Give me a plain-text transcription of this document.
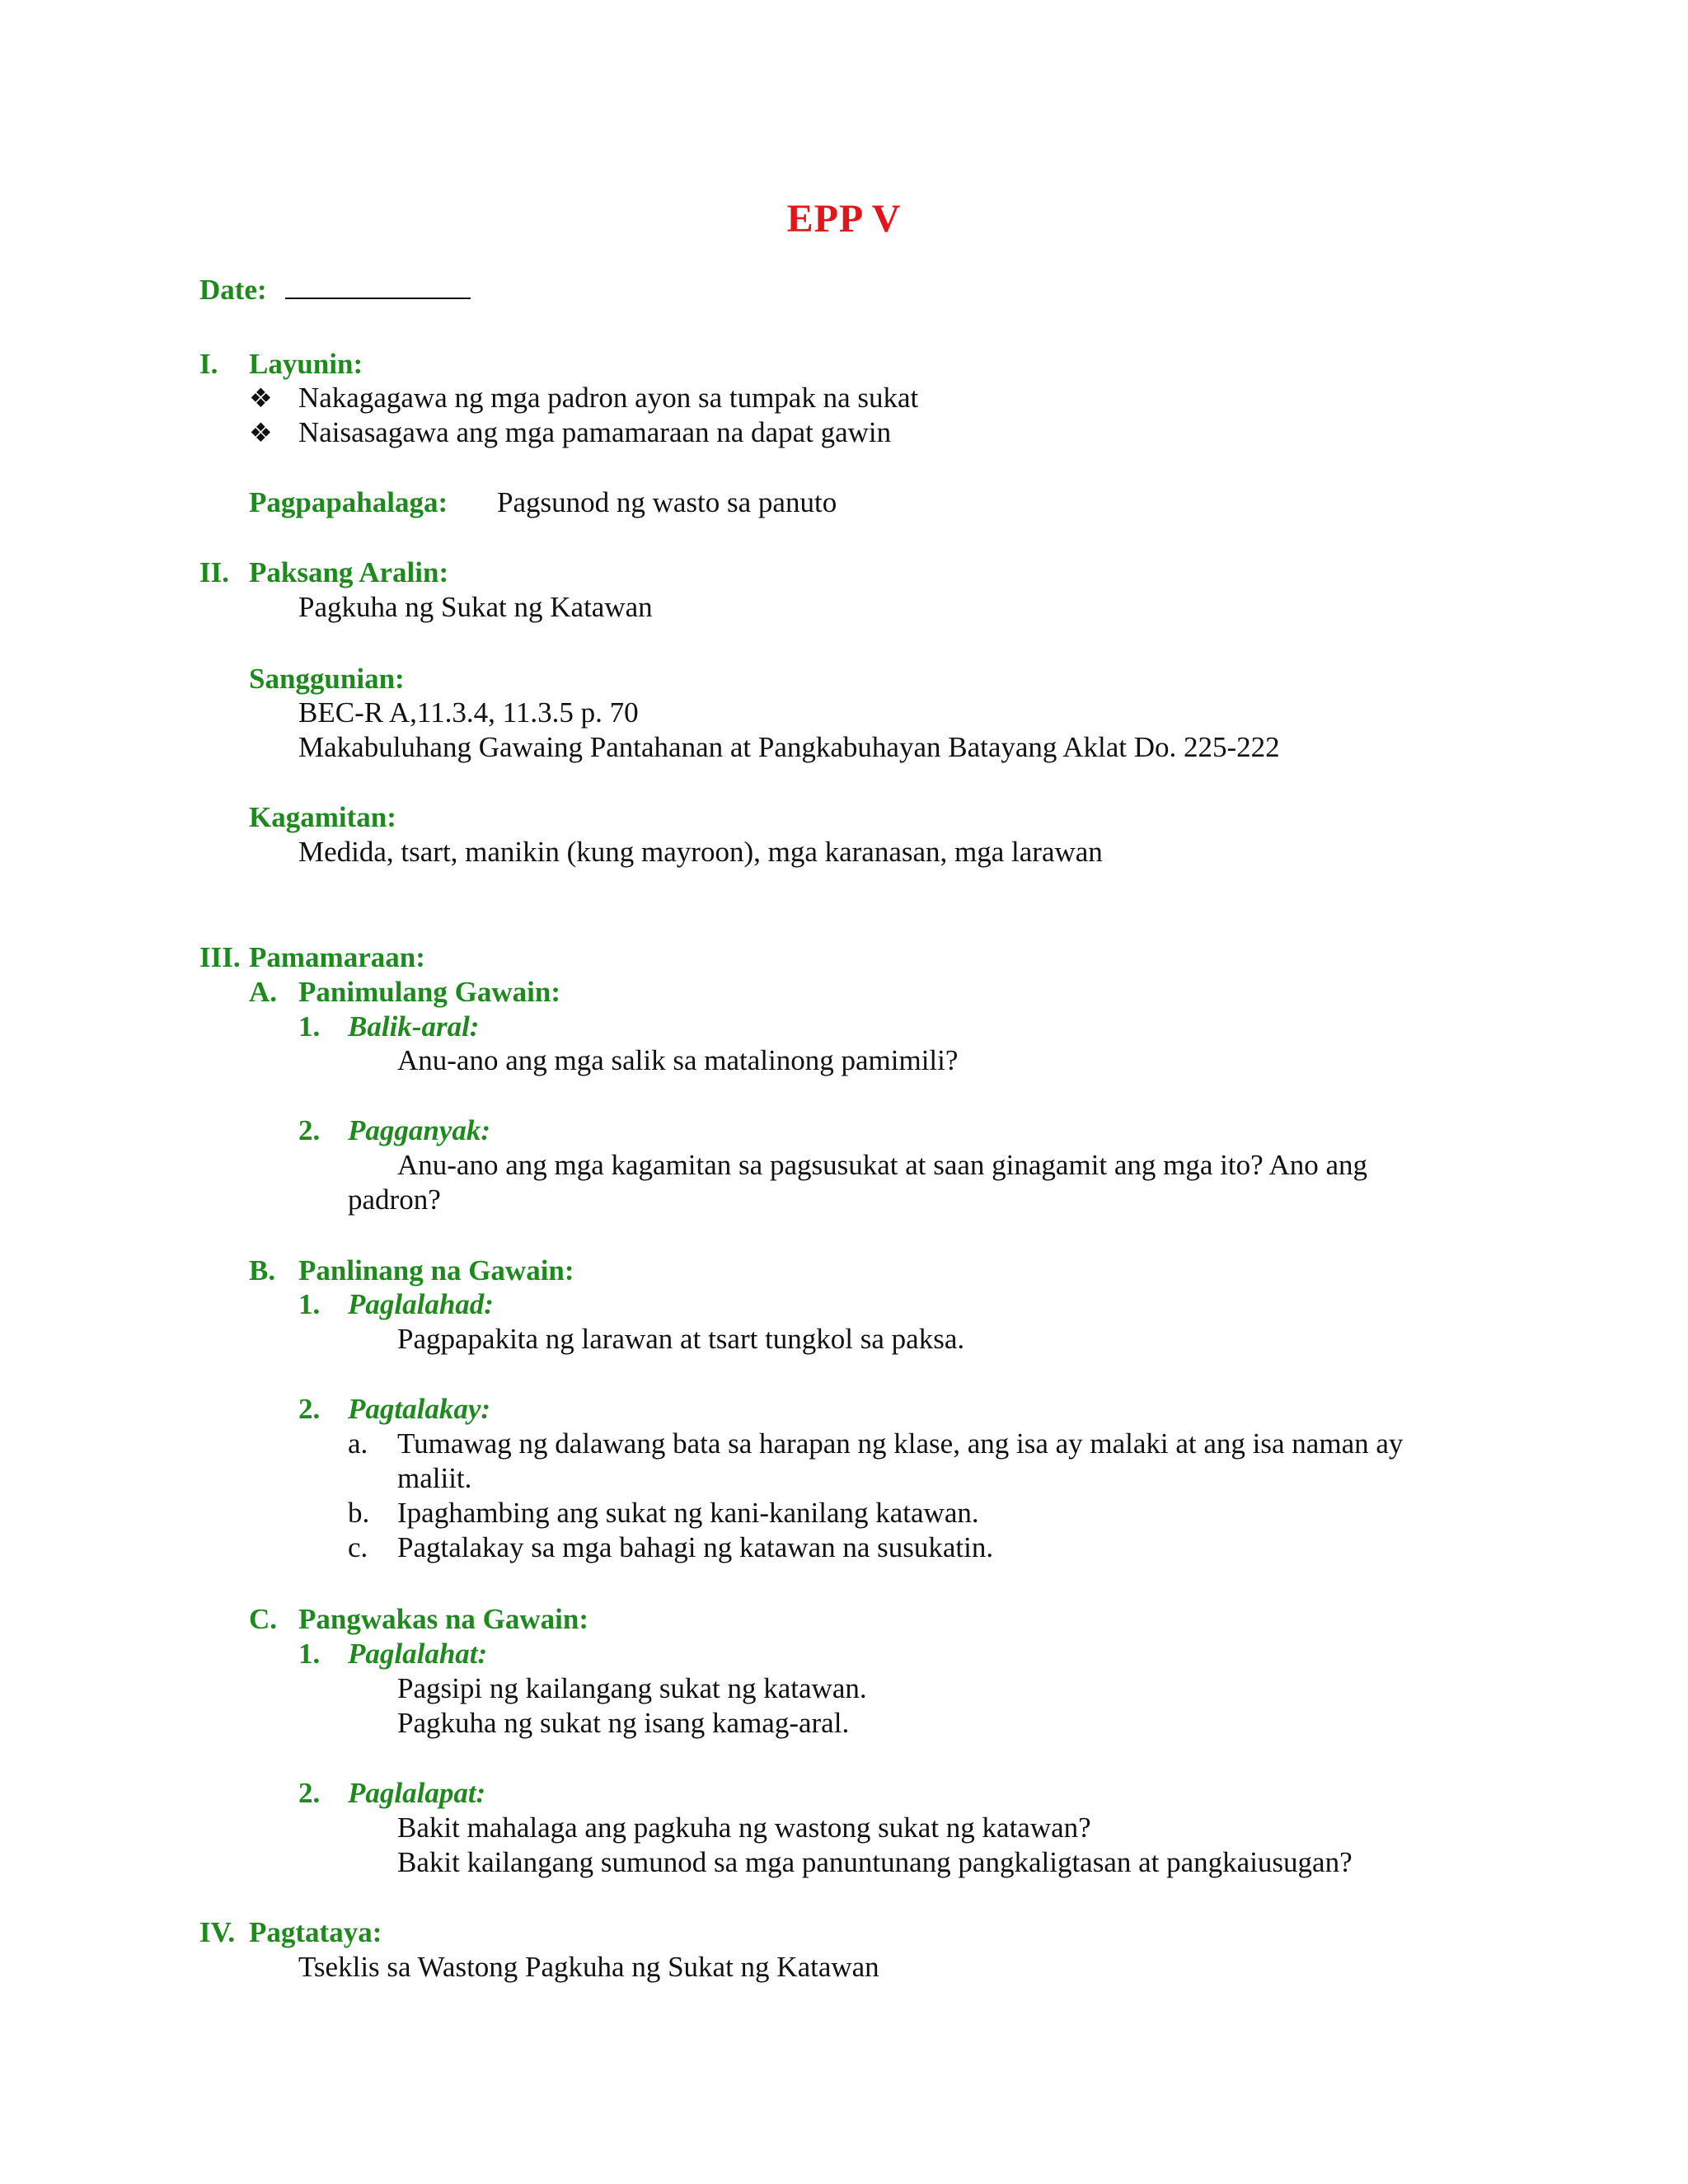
EPP V
Date:
I. Layunin:
❖ Nakagagawa ng mga padron ayon sa tumpak na sukat
❖ Naisasagawa ang mga pamamaraan na dapat gawin
Pagpapahalaga: Pagsunod ng wasto sa panuto
II. Paksang Aralin:
Pagkuha ng Sukat ng Katawan
Sanggunian:
BEC-R A,11.3.4, 11.3.5 p. 70
Makabuluhang Gawaing Pantahanan at Pangkabuhayan Batayang Aklat Do. 225-222
Kagamitan:
Medida, tsart, manikin (kung mayroon), mga karanasan, mga larawan
III. Pamamaraan:
A. Panimulang Gawain:
1. Balik-aral:
Anu-ano ang mga salik sa matalinong pamimili?
2. Pagganyak:
Anu-ano ang mga kagamitan sa pagsusukat at saan ginagamit ang mga ito? Ano ang
padron?
B. Panlinang na Gawain:
1. Paglalahad:
Pagpapakita ng larawan at tsart tungkol sa paksa.
2. Pagtalakay:
a. Tumawag ng dalawang bata sa harapan ng klase, ang isa ay malaki at ang isa naman ay
maliit.
b. Ipaghambing ang sukat ng kani-kanilang katawan.
c. Pagtalakay sa mga bahagi ng katawan na susukatin.
C. Pangwakas na Gawain:
1. Paglalahat:
Pagsipi ng kailangang sukat ng katawan.
Pagkuha ng sukat ng isang kamag-aral.
2. Paglalapat:
Bakit mahalaga ang pagkuha ng wastong sukat ng katawan?
Bakit kailangang sumunod sa mga panuntunang pangkaligtasan at pangkaiusugan?
IV. Pagtataya:
Tseklis sa Wastong Pagkuha ng Sukat ng Katawan
